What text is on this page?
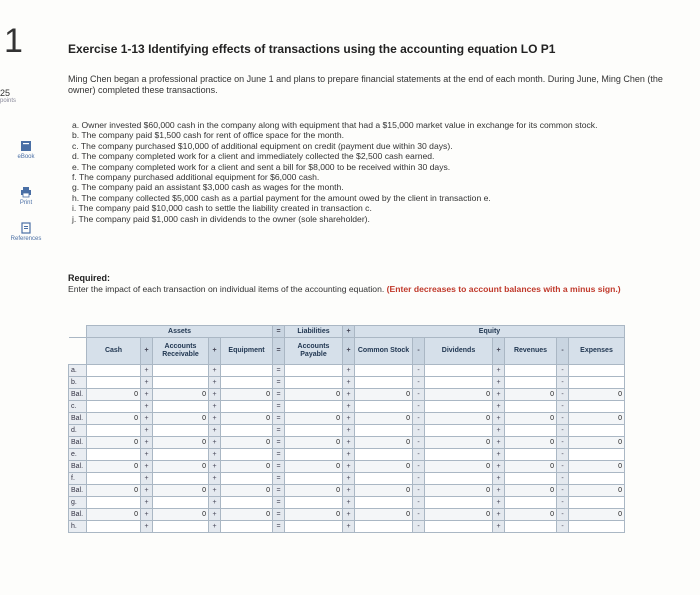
1
25
points
eBook
Print
References
Exercise 1-13 Identifying effects of transactions using the accounting equation LO P1
Ming Chen began a professional practice on June 1 and plans to prepare financial statements at the end of each month. During June, Ming Chen (the owner) completed these transactions.
a. Owner invested $60,000 cash in the company along with equipment that had a $15,000 market value in exchange for its common stock.
b. The company paid $1,500 cash for rent of office space for the month.
c. The company purchased $10,000 of additional equipment on credit (payment due within 30 days).
d. The company completed work for a client and immediately collected the $2,500 cash earned.
e. The company completed work for a client and sent a bill for $8,000 to be received within 30 days.
f. The company purchased additional equipment for $6,000 cash.
g. The company paid an assistant $3,000 cash as wages for the month.
h. The company collected $5,000 cash as a partial payment for the amount owed by the client in transaction e.
i. The company paid $10,000 cash to settle the liability created in transaction c.
j. The company paid $1,000 cash in dividends to the owner (sole shareholder).
Required:
Enter the impact of each transaction on individual items of the accounting equation. (Enter decreases to account balances with a minus sign.)
	Assets					=	Liabilities	+	Equity						
	Cash	+	Accounts Receivable	+	Equipment	=	Accounts Payable	+	Common Stock	-	Dividends	+	Revenues	-	Expenses
a.		+		+		=		+		-		+		-	
b.		+		+		=		+		-		+		-	
Bal.	0	+	0	+	0	=	0	+	0	-	0	+	0	-	0
c.		+		+		=		+		-		+		-	
Bal.	0	+	0	+	0	=	0	+	0	-	0	+	0	-	0
d.		+		+		=		+		-		+		-	
Bal.	0	+	0	+	0	=	0	+	0	-	0	+	0	-	0
e.		+		+		=		+		-		+		-	
Bal.	0	+	0	+	0	=	0	+	0	-	0	+	0	-	0
f.		+		+		=		+		-		+		-	
Bal.	0	+	0	+	0	=	0	+	0	-	0	+	0	-	0
g.		+		+		=		+		-		+		-	
Bal.	0	+	0	+	0	=	0	+	0	-	0	+	0	-	0
h.		+		+		=		+		-		+		-	
